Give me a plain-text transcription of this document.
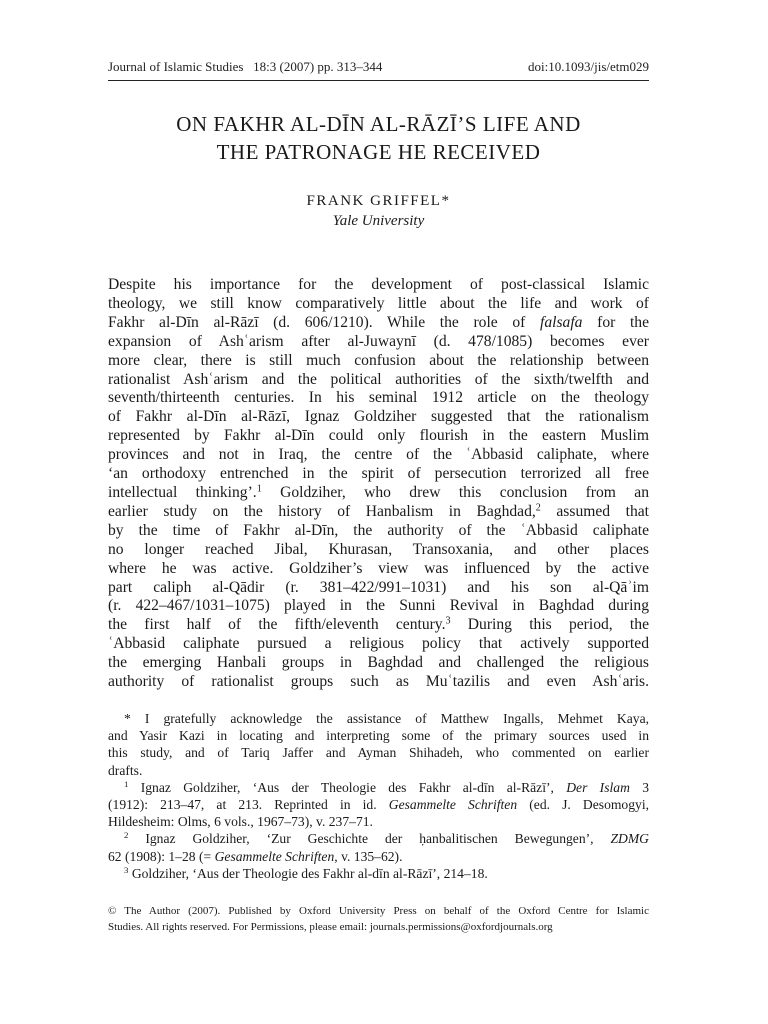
Journal of Islamic Studies   18:3 (2007) pp. 313–344	doi:10.1093/jis/etm029
ON FAKHR AL-DĪN AL-RĀZĪ’S LIFE AND
THE PATRONAGE HE RECEIVED
FRANK GRIFFEL*
Yale University
Despite his importance for the development of post-classical Islamic
theology, we still know comparatively little about the life and work of
Fakhr al-Dīn al-Rāzī (d. 606/1210). While the role of falsafa for the
expansion of Ashʿarism after al-Juwaynī (d. 478/1085) becomes ever
more clear, there is still much confusion about the relationship between
rationalist Ashʿarism and the political authorities of the sixth/twelfth and
seventh/thirteenth centuries. In his seminal 1912 article on the theology
of Fakhr al-Dīn al-Rāzī, Ignaz Goldziher suggested that the rationalism
represented by Fakhr al-Dīn could only flourish in the eastern Muslim
provinces and not in Iraq, the centre of the ʿAbbasid caliphate, where
‘an orthodoxy entrenched in the spirit of persecution terrorized all free
intellectual thinking’.$^1$ Goldziher, who drew this conclusion from an
earlier study on the history of Hanbalism in Baghdad,$^2$ assumed that
by the time of Fakhr al-Dīn, the authority of the ʿAbbasid caliphate
no longer reached Jibal, Khurasan, Transoxania, and other places
where he was active. Goldziher’s view was influenced by the active
part caliph al-Qādir (r. 381–422/991–1031) and his son al-Qāʾim
(r. 422–467/1031–1075) played in the Sunni Revival in Baghdad during
the first half of the fifth/eleventh century.$^3$ During this period, the
ʿAbbasid caliphate pursued a religious policy that actively supported
the emerging Hanbali groups in Baghdad and challenged the religious
authority of rationalist groups such as Muʿtazilis and even Ashʿaris.
* I gratefully acknowledge the assistance of Matthew Ingalls, Mehmet Kaya,
and Yasir Kazi in locating and interpreting some of the primary sources used in
this study, and of Tariq Jaffer and Ayman Shihadeh, who commented on earlier
drafts.
$^1$ Ignaz Goldziher, ‘Aus der Theologie des Fakhr al-dīn al-Rāzī’, Der Islam 3
(1912): 213–47, at 213. Reprinted in id. Gesammelte Schriften (ed. J. Desomogyi,
Hildesheim: Olms, 6 vols., 1967–73), v. 237–71.
$^2$ Ignaz Goldziher, ‘Zur Geschichte der ḥanbalitischen Bewegungen’, ZDMG
62 (1908): 1–28 (= Gesammelte Schriften, v. 135–62).
$^3$ Goldziher, ‘Aus der Theologie des Fakhr al-dīn al-Rāzī’, 214–18.
© The Author (2007). Published by Oxford University Press on behalf of the Oxford Centre for Islamic
Studies. All rights reserved. For Permissions, please email: journals.permissions@oxfordjournals.org
